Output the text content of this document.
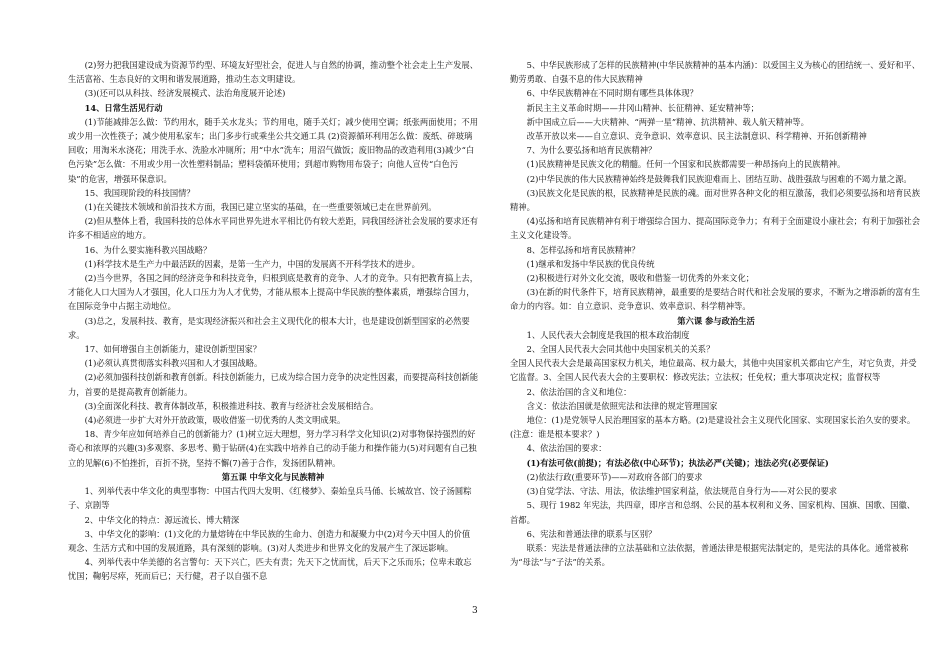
(2)努力把我国建设成为资源节约型、环境友好型社会，促进人与自然的协调，推动整个社会走上生产发展、生活富裕、生态良好的文明和谐发展道路，推动生态文明建设。

(3)(还可以从科技、经济发展模式、法治角度展开论述)

14、日常生活见行动

(1)节能减排怎么做：节约用水，随手关水龙头；节约用电，随手关灯；减少使用空调；纸张两面使用；不用或少用一次性筷子；减少使用私家车；出门多步行或乘坐公共交通工具 (2)资源循环利用怎么做：废纸、碎玻璃回收；用淘米水浇花；用洗手水、洗脸水冲厕所；用“中水”洗车；用沼气做饭；废旧物品的改造利用(3)减少“白色污染”怎么做：不用或少用一次性塑料制品；塑料袋循环使用；到超市购物用布袋子；向他人宣传“白色污染”的危害，增强环保意识。

15、我国现阶段的科技国情？

(1)在关键技术领域和前沿技术方面，我国已建立坚实的基础，在一些重要领域已走在世界前列。

(2)但从整体上看，我国科技的总体水平同世界先进水平相比仍有较大差距，同我国经济社会发展的要求还有许多不相适应的地方。

16、为什么要实施科教兴国战略？

(1)科学技术是生产力中最活跃的因素，是第一生产力，中国的发展离不开科学技术的进步。

(2)当今世界，各国之间的经济竞争和科技竞争，归根到底是教育的竞争、人才的竞争。只有把教育搞上去，才能化人口大国为人才强国，化人口压力为人才优势，才能从根本上提高中华民族的整体素质，增强综合国力，在国际竞争中占据主动地位。

(3)总之，发展科技、教育，是实现经济振兴和社会主义现代化的根本大计，也是建设创新型国家的必然要求。

17、如何增强自主创新能力，建设创新型国家？

(1)必须认真贯彻落实科教兴国和人才强国战略。

(2)必须加强科技创新和教育创新。科技创新能力，已成为综合国力竞争的决定性因素，而要提高科技创新能力，首要的是提高教育创新能力。

(3)全面深化科技、教育体制改革，积极推进科技、教育与经济社会发展相结合。

(4)必须进一步扩大对外开放政策，吸收借鉴一切优秀的人类文明成果。

18、青少年应如何培养自己的创新能力？(1)树立远大理想，努力学习科学文化知识(2)对事物保持强烈的好奇心和浓厚的兴趣(3)多观察、多思考、勤于钻研(4)在实践中培养自己的动手能力和操作能力(5)对问题有自己独立的见解(6)不怕挫折，百折不挠，坚持不懈(7)善于合作，发扬团队精神。

第五课 中华文化与民族精神

1、列举代表中华文化的典型事物：中国古代四大发明、《红楼梦》、秦始皇兵马俑、长城故宫、饺子汤圆粽子、京剧等

2、中华文化的特点：源远流长、博大精深

3、中华文化的影响：(1)文化的力量熔铸在中华民族的生命力、创造力和凝聚力中(2)对今天中国人的价值观念、生活方式和中国的发展道路，具有深刻的影响。(3)对人类进步和世界文化的发展产生了深远影响。

4、列举代表中华美德的名言警句：天下兴亡，匹夫有责；先天下之忧而忧，后天下之乐而乐；位卑未敢忘忧国；鞠躬尽瘁，死而后已；天行健，君子以自强不息

5、中华民族形成了怎样的民族精神(中华民族精神的基本内涵)：以爱国主义为核心的团结统一、爱好和平、勤劳勇敢、自强不息的伟大民族精神

6、中华民族精神在不同时期有哪些具体体现？

新民主主义革命时期——井冈山精神、长征精神、延安精神等；

新中国成立后——大庆精神、“两弹一星”精神、抗洪精神、载人航天精神等。

改革开放以来——自立意识、竞争意识、效率意识、民主法制意识、科学精神、开拓创新精神

7、为什么要弘扬和培育民族精神？

(1)民族精神是民族文化的精髓。任何一个国家和民族都需要一种昂扬向上的民族精神。

(2)中华民族的伟大民族精神始终是鼓舞我们民族迎难而上、团结互助、战胜强敌与困难的不竭力量之源。

(3)民族文化是民族的根，民族精神是民族的魂。面对世界各种文化的相互激荡，我们必须要弘扬和培育民族精神。

(4)弘扬和培育民族精神有利于增强综合国力、提高国际竞争力；有利于全面建设小康社会；有利于加强社会主义文化建设等。

8、怎样弘扬和培育民族精神？

(1)继承和发扬中华民族的优良传统

(2)积极进行对外文化交流，吸收和借鉴一切优秀的外来文化；

(3)在新的时代条件下，培育民族精神，最重要的是要结合时代和社会发展的要求，不断为之增添新的富有生命力的内容。如：自立意识、竞争意识、效率意识、科学精神等。

第六课 参与政治生活

1、人民代表大会制度是我国的根本政治制度

2、全国人民代表大会同其他中央国家机关的关系？

全国人民代表大会是最高国家权力机关，地位最高、权力最大，其他中央国家机关都由它产生，对它负责，并受它监督。3、全国人民代表大会的主要职权：修改宪法；立法权；任免权；重大事项决定权；监督权等

2、依法治国的含义和地位：

含义：依法治国就是依照宪法和法律的规定管理国家

地位：(1)是党领导人民治理国家的基本方略。(2)是建设社会主义现代化国家、实现国家长治久安的要求。(注意：谁是根本要求？)

4、依法治国的要求：

(1)有法可依(前提)；有法必依(中心环节)；执法必严(关键)；违法必究(必要保证)

(2)依法行政(重要环节)——对政府各部门的要求

(3)自觉学法、守法、用法，依法维护国家利益，依法规范自身行为——对公民的要求

5、现行 1982 年宪法，共四章，即序言和总纲、公民的基本权利和义务、国家机构、国旗、国歌、国徽、首都。

6、宪法和普通法律的联系与区别？

联系：宪法是普通法律的立法基础和立法依据，普通法律是根据宪法制定的，是宪法的具体化。通常被称为“母法”与“子法”的关系。

3
